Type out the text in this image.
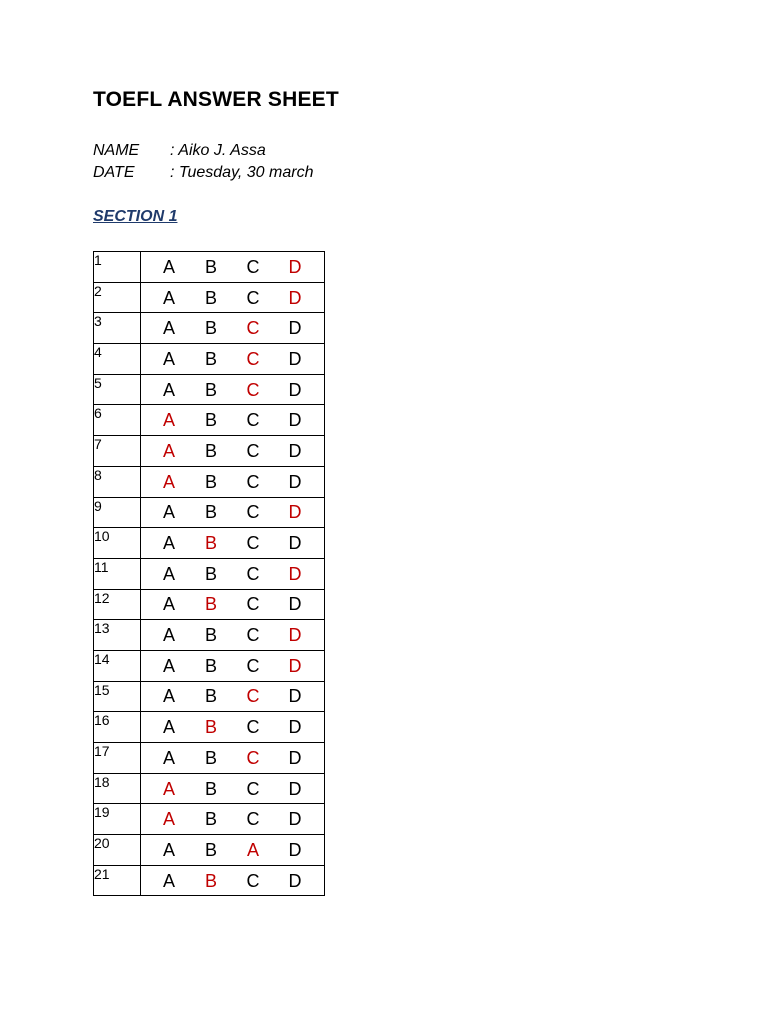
TOEFL ANSWER SHEET
NAME : Aiko J. Assa
DATE : Tuesday, 30 march
SECTION 1
1	A B C D

2	A B C D

3	A B C D

4	A B C D

5	A B C D

6	A B C D

7	A B C D

8	A B C D

9	A B C D

10	A B C D

11	A B C D

12	A B C D

13	A B C D

14	A B C D

15	A B C D

16	A B C D

17	A B C D

18	A B C D

19	A B C D

20	A B A D

21	A B C D
